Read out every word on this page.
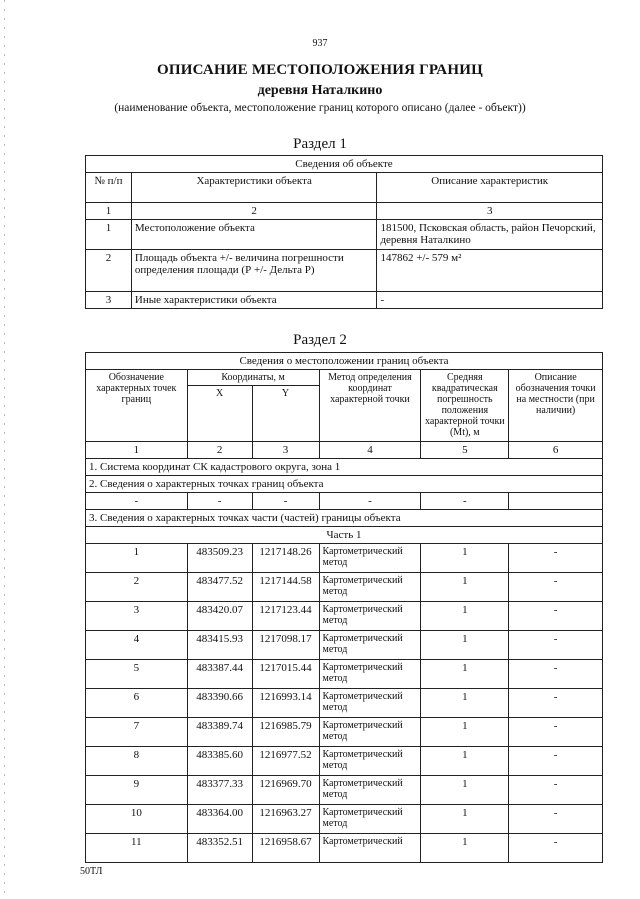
937
ОПИСАНИЕ МЕСТОПОЛОЖЕНИЯ ГРАНИЦ
деревня Наталкино
(наименование объекта, местоположение границ которого описано (далее - объект))
Раздел 1
Сведения об объекте		
№ п/п	Характеристики объекта	Описание характеристик
1	2	3
1	Местоположение объекта	181500, Псковская область, район Печорский, деревня Наталкино
2	Площадь объекта +/- величина погрешности определения площади (Р +/- Дельта Р)	147862 +/- 579 м²
3	Иные характеристики объекта	-
Раздел 2
Сведения о местоположении границ объекта					
Обозначение характерных точек границ	Координаты, м		Метод определения координат характерной точки	Средняя квадратическая погрешность положения характерной точки (Mt), м	Описание обозначения точки на местности (при наличии)
	X	Y			
1	2	3	4	5	6
1. Система координат СК кадастрового округа, зона 1					
2. Сведения о характерных точках границ объекта					
-	-	-	-	-	
3. Сведения о характерных точках части (частей) границы объекта					
Часть 1					
1	483509.23	1217148.26	Картометрический метод	1	-
2	483477.52	1217144.58	Картометрический метод	1	-
3	483420.07	1217123.44	Картометрический метод	1	-
4	483415.93	1217098.17	Картометрический метод	1	-
5	483387.44	1217015.44	Картометрический метод	1	-
6	483390.66	1216993.14	Картометрический метод	1	-
7	483389.74	1216985.79	Картометрический метод	1	-
8	483385.60	1216977.52	Картометрический метод	1	-
9	483377.33	1216969.70	Картометрический метод	1	-
10	483364.00	1216963.27	Картометрический метод	1	-
11	483352.51	1216958.67	Картометрический	1	-
50ТЛ
